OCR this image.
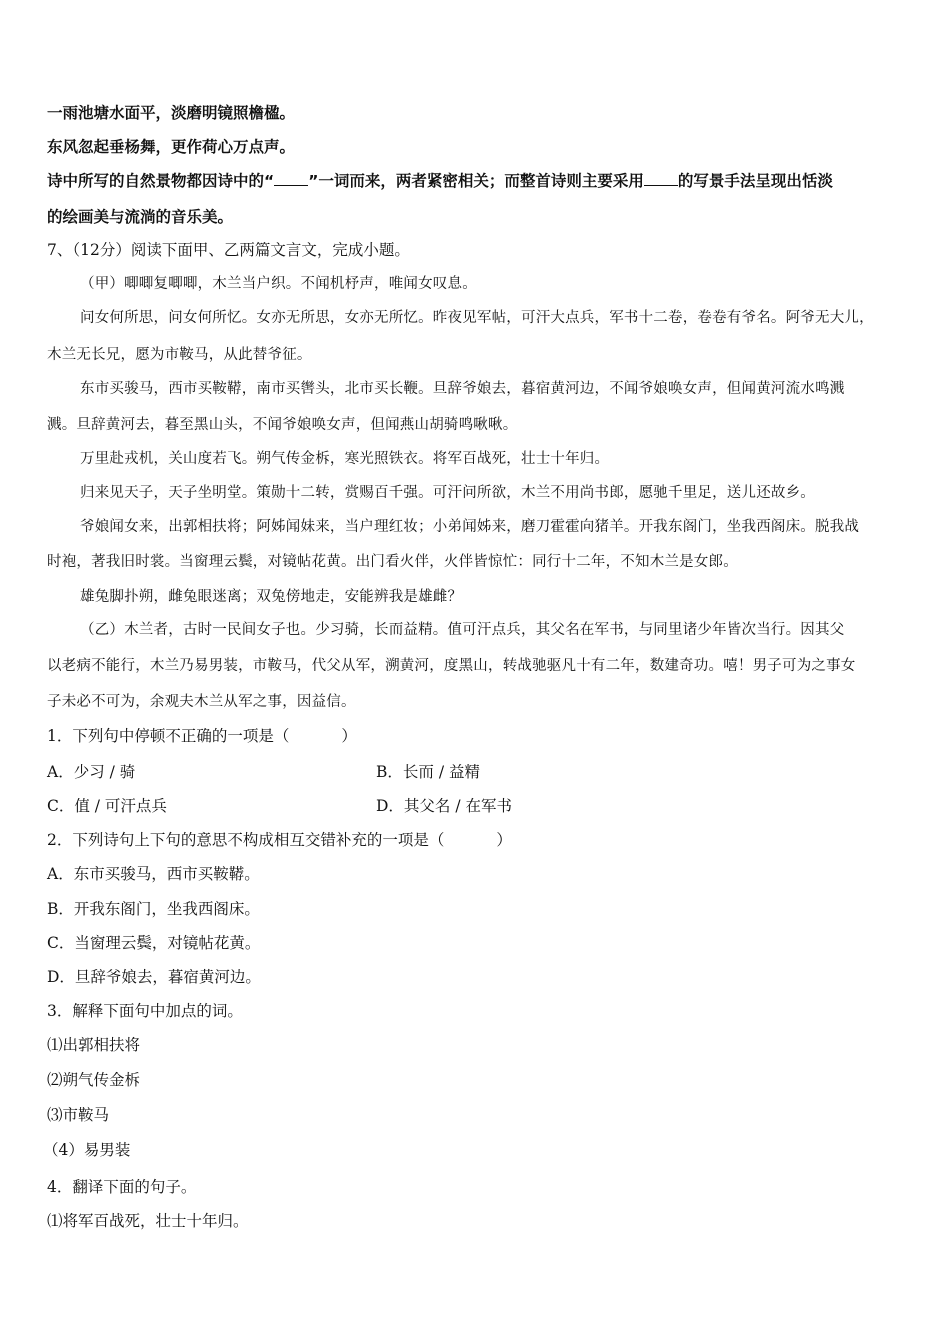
一雨池塘水面平，淡磨明镜照檐楹。
东风忽起垂杨舞，更作荷心万点声。
诗中所写的自然景物都因诗中的“ ”一词而来，两者紧密相关；而整首诗则主要采用 的写景手法呈现出恬淡
的绘画美与流淌的音乐美。
7、（12分）阅读下面甲、乙两篇文言文，完成小题。
（甲）唧唧复唧唧，木兰当户织。不闻机杼声，唯闻女叹息。
问女何所思，问女何所忆。女亦无所思，女亦无所忆。昨夜见军帖，可汗大点兵，军书十二卷，卷卷有爷名。阿爷无大儿，
木兰无长兄，愿为市鞍马，从此替爷征。
东市买骏马，西市买鞍鞯，南市买辔头，北市买长鞭。旦辞爷娘去，暮宿黄河边，不闻爷娘唤女声，但闻黄河流水鸣溅
溅。旦辞黄河去，暮至黑山头，不闻爷娘唤女声，但闻燕山胡骑鸣啾啾。
万里赴戎机，关山度若飞。朔气传金柝，寒光照铁衣。将军百战死，壮士十年归。
归来见天子，天子坐明堂。策勋十二转，赏赐百千强。可汗问所欲，木兰不用尚书郎，愿驰千里足，送儿还故乡。
爷娘闻女来，出郭相扶将；阿姊闻妹来，当户理红妆；小弟闻姊来，磨刀霍霍向猪羊。开我东阁门，坐我西阁床。脱我战
时袍，著我旧时裳。当窗理云鬓，对镜帖花黄。出门看火伴，火伴皆惊忙：同行十二年，不知木兰是女郎。
雄兔脚扑朔，雌兔眼迷离；双兔傍地走，安能辨我是雄雌？
（乙）木兰者，古时一民间女子也。少习骑，长而益精。值可汗点兵，其父名在军书，与同里诸少年皆次当行。因其父
以老病不能行，木兰乃易男装，市鞍马，代父从军，溯黄河，度黑山，转战驰驱凡十有二年，数建奇功。嘻！男子可为之事女
子未必不可为，余观夫木兰从军之事，因益信。
1．下列句中停顿不正确的一项是（	）
A．少习 / 骑	B．长而 / 益精
C．值 / 可汗点兵	D．其父名 / 在军书
2．下列诗句上下句的意思不构成相互交错补充的一项是（	）
A．东市买骏马，西市买鞍鞯。
B．开我东阁门，坐我西阁床。
C．当窗理云鬓，对镜帖花黄。
D．旦辞爷娘去，暮宿黄河边。
3．解释下面句中加点的词。
⑴出郭相扶将
⑵朔气传金柝
⑶市鞍马
（4）易男装
4．翻译下面的句子。
⑴将军百战死，壮士十年归。
